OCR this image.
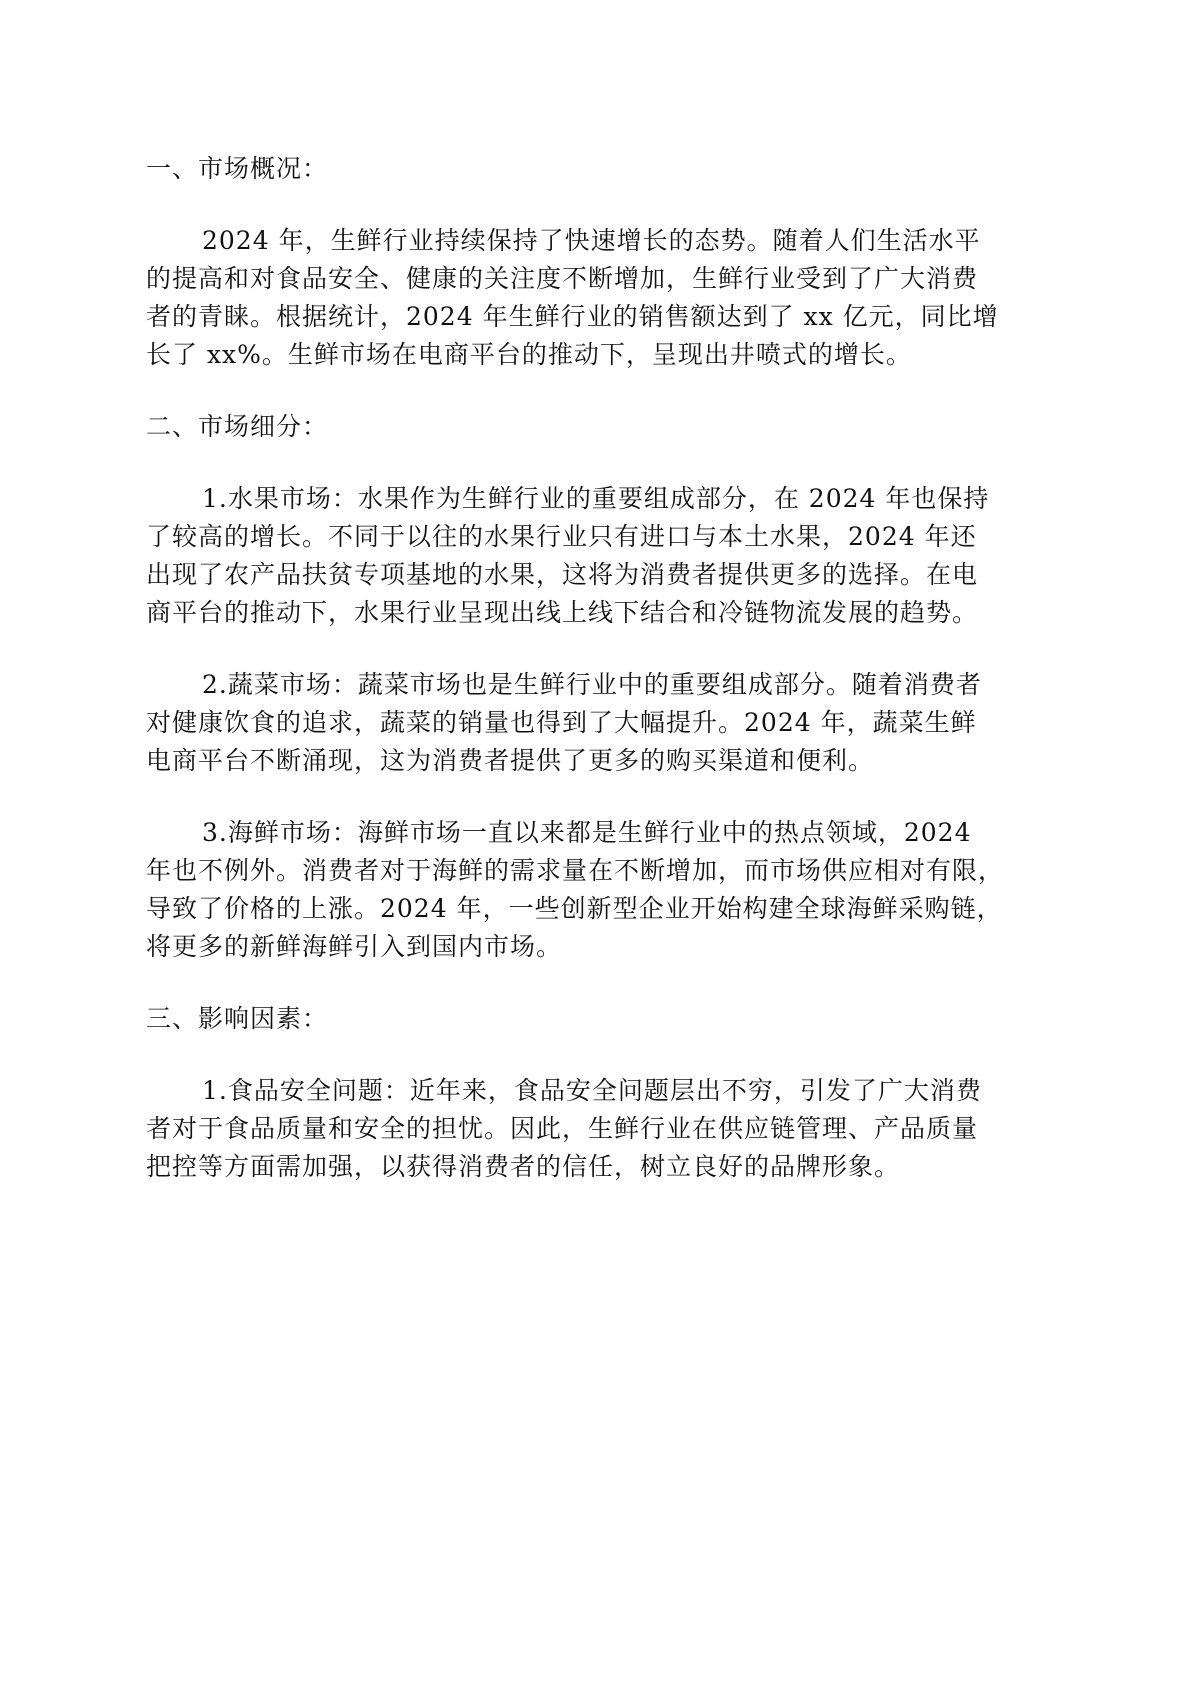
一、市场概况：
2024 年，生鲜行业持续保持了快速增长的态势。随着人们生活水平
的提高和对食品安全、健康的关注度不断增加，生鲜行业受到了广大消费
者的青睐。根据统计，2024 年生鲜行业的销售额达到了 xx 亿元，同比增
长了 xx%。生鲜市场在电商平台的推动下，呈现出井喷式的增长。
二、市场细分：
1.水果市场：水果作为生鲜行业的重要组成部分，在 2024 年也保持
了较高的增长。不同于以往的水果行业只有进口与本土水果，2024 年还
出现了农产品扶贫专项基地的水果，这将为消费者提供更多的选择。在电
商平台的推动下，水果行业呈现出线上线下结合和冷链物流发展的趋势。
2.蔬菜市场：蔬菜市场也是生鲜行业中的重要组成部分。随着消费者
对健康饮食的追求，蔬菜的销量也得到了大幅提升。2024 年，蔬菜生鲜
电商平台不断涌现，这为消费者提供了更多的购买渠道和便利。
3.海鲜市场：海鲜市场一直以来都是生鲜行业中的热点领域，2024
年也不例外。消费者对于海鲜的需求量在不断增加，而市场供应相对有限，
导致了价格的上涨。2024 年，一些创新型企业开始构建全球海鲜采购链，
将更多的新鲜海鲜引入到国内市场。
三、影响因素：
1.食品安全问题：近年来，食品安全问题层出不穷，引发了广大消费
者对于食品质量和安全的担忧。因此，生鲜行业在供应链管理、产品质量
把控等方面需加强，以获得消费者的信任，树立良好的品牌形象。
